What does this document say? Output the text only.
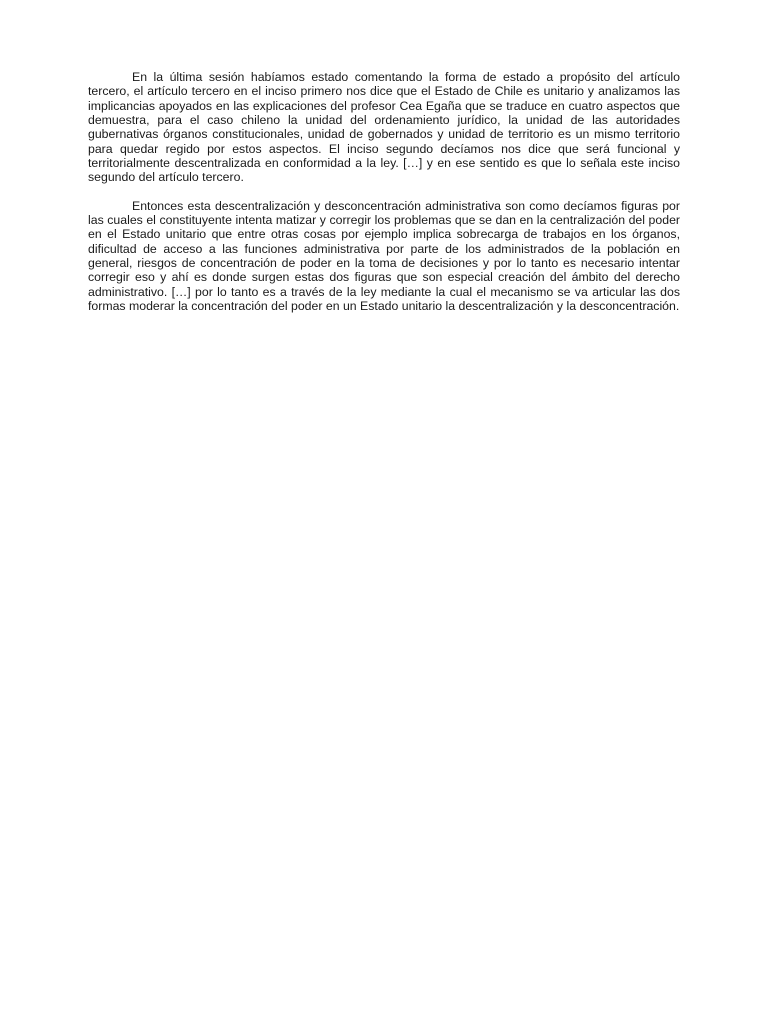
En la última sesión habíamos estado comentando la forma de estado a propósito del artículo tercero, el artículo tercero en el inciso primero nos dice que el Estado de Chile es unitario y analizamos las implicancias apoyados en las explicaciones del profesor Cea Egaña que se traduce en cuatro aspectos que demuestra, para el caso chileno la unidad del ordenamiento jurídico, la unidad de las autoridades gubernativas órganos constitucionales, unidad de gobernados y unidad de territorio es un mismo territorio para quedar regido por estos aspectos. El inciso segundo decíamos nos dice que será funcional y territorialmente descentralizada en conformidad a la ley. […] y en ese sentido es que lo señala este inciso segundo del artículo tercero.

Entonces esta descentralización y desconcentración administrativa son como decíamos figuras por las cuales el constituyente intenta matizar y corregir los problemas que se dan en la centralización del poder en el Estado unitario que entre otras cosas por ejemplo implica sobrecarga de trabajos en los órganos, dificultad de acceso a las funciones administrativa por parte de los administrados de la población en general, riesgos de concentración de poder en la toma de decisiones y por lo tanto es necesario intentar corregir eso y ahí es donde surgen estas dos figuras que son especial creación del ámbito del derecho administrativo. […] por lo tanto es a través de la ley mediante la cual el mecanismo se va articular las dos formas moderar la concentración del poder en un Estado unitario la descentralización y la desconcentración.
